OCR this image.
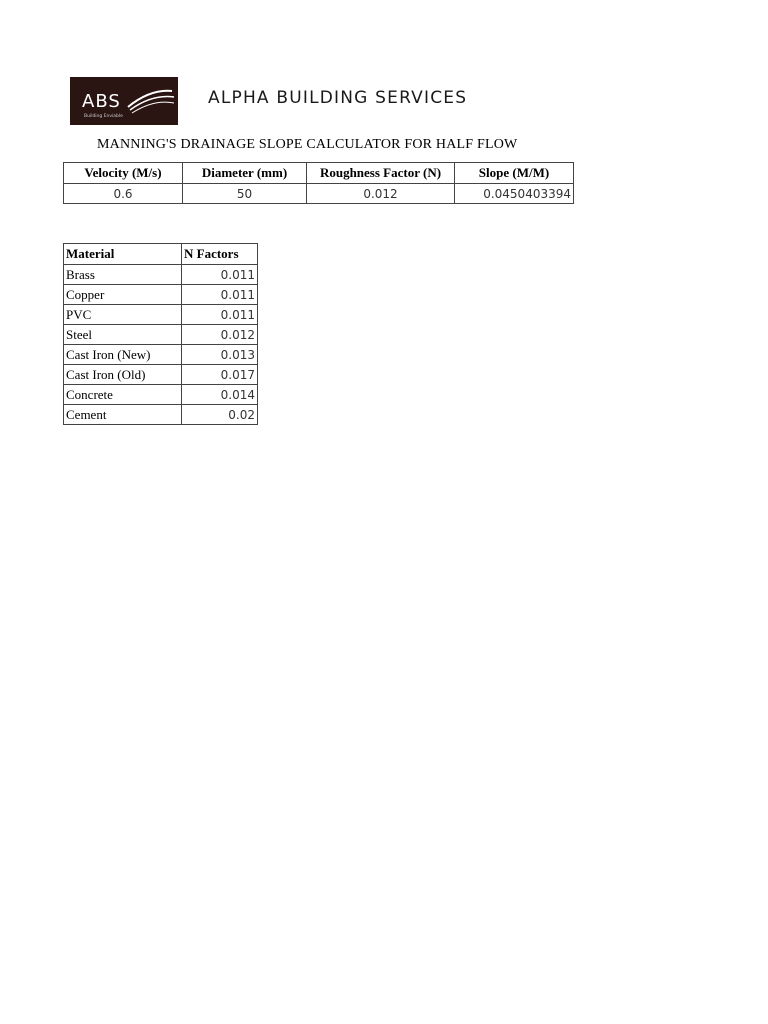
ABS
Building Enviable
ALPHA BUILDING SERVICES
MANNING'S DRAINAGE SLOPE CALCULATOR FOR HALF FLOW
Velocity (M/s)	Diameter (mm)	Roughness Factor (N)	Slope (M/M)
0.6	50	0.012	0.0450403394
Material	N Factors
Brass	0.011
Copper	0.011
PVC	0.011
Steel	0.012
Cast Iron (New)	0.013
Cast Iron (Old)	0.017
Concrete	0.014
Cement	0.02
